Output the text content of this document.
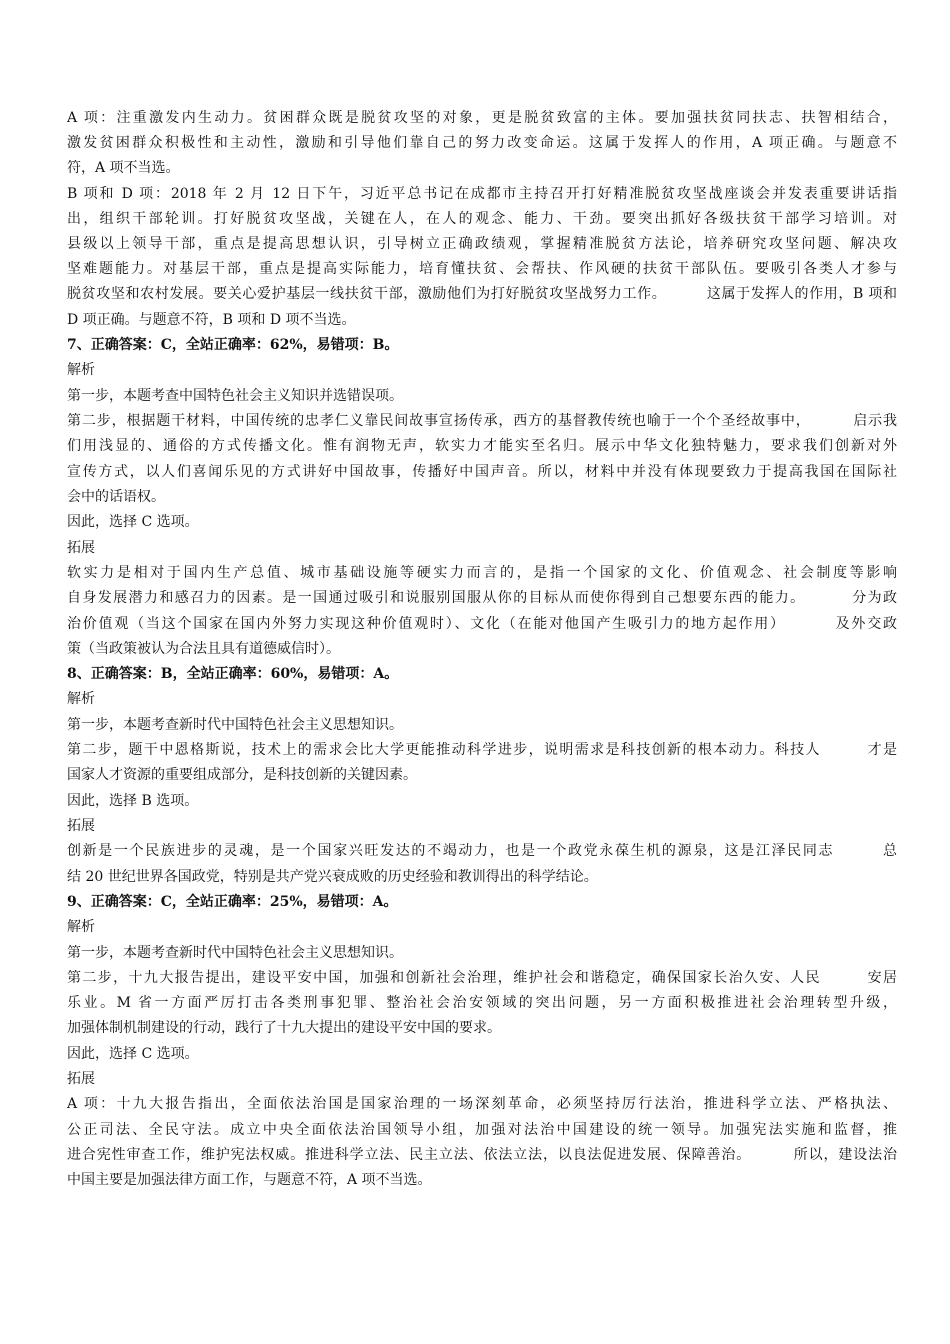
A 项：注重激发内生动力。贫困群众既是脱贫攻坚的对象，更是脱贫致富的主体。要加强扶贫同扶志、扶智相结合，
激发贫困群众积极性和主动性，激励和引导他们靠自己的努力改变命运。这属于发挥人的作用，A 项正确。与题意不
符，A 项不当选。
B 项和 D 项：2018 年 2 月 12 日下午，习近平总书记在成都市主持召开打好精准脱贫攻坚战座谈会并发表重要讲话指
出，组织干部轮训。打好脱贫攻坚战，关键在人，在人的观念、能力、干劲。要突出抓好各级扶贫干部学习培训。对
县级以上领导干部，重点是提高思想认识，引导树立正确政绩观，掌握精准脱贫方法论，培养研究攻坚问题、解决攻
坚难题能力。对基层干部，重点是提高实际能力，培育懂扶贫、会帮扶、作风硬的扶贫干部队伍。要吸引各类人才参与
脱贫攻坚和农村发展。要关心爱护基层一线扶贫干部，激励他们为打好脱贫攻坚战努力工作。        这属于发挥人的作用，B 项和
D 项正确。与题意不符，B 项和 D 项不当选。
7、正确答案：C，全站正确率：62%，易错项：B。
解析
第一步，本题考查中国特色社会主义知识并选错误项。
第二步，根据题干材料，中国传统的忠孝仁义靠民间故事宣扬传承，西方的基督教传统也喻于一个个圣经故事中，        启示我
们用浅显的、通俗的方式传播文化。惟有润物无声，软实力才能实至名归。展示中华文化独特魅力，要求我们创新对外
宣传方式，以人们喜闻乐见的方式讲好中国故事，传播好中国声音。所以，材料中并没有体现要致力于提高我国在国际社
会中的话语权。
因此，选择 C 选项。
拓展
软实力是相对于国内生产总值、城市基础设施等硬实力而言的，是指一个国家的文化、价值观念、社会制度等影响
自身发展潜力和感召力的因素。是一国通过吸引和说服别国服从你的目标从而使你得到自己想要东西的能力。        分为政
治价值观（当这个国家在国内外努力实现这种价值观时）、文化（在能对他国产生吸引力的地方起作用）        及外交政
策（当政策被认为合法且具有道德威信时）。
8、正确答案：B，全站正确率：60%，易错项：A。
解析
第一步，本题考查新时代中国特色社会主义思想知识。
第二步，题干中恩格斯说，技术上的需求会比大学更能推动科学进步，说明需求是科技创新的根本动力。科技人        才是
国家人才资源的重要组成部分，是科技创新的关键因素。
因此，选择 B 选项。
拓展
创新是一个民族进步的灵魂，是一个国家兴旺发达的不竭动力，也是一个政党永葆生机的源泉，这是江泽民同志        总
结 20 世纪世界各国政党，特别是共产党兴衰成败的历史经验和教训得出的科学结论。
9、正确答案：C，全站正确率：25%，易错项：A。
解析
第一步，本题考查新时代中国特色社会主义思想知识。
第二步，十九大报告提出，建设平安中国，加强和创新社会治理，维护社会和谐稳定，确保国家长治久安、人民        安居
乐业。M 省一方面严厉打击各类刑事犯罪、整治社会治安领域的突出问题，另一方面积极推进社会治理转型升级，
加强体制机制建设的行动，践行了十九大提出的建设平安中国的要求。
因此，选择 C 选项。
拓展
A 项：十九大报告指出，全面依法治国是国家治理的一场深刻革命，必须坚持厉行法治，推进科学立法、严格执法、
公正司法、全民守法。成立中央全面依法治国领导小组，加强对法治中国建设的统一领导。加强宪法实施和监督，推
进合宪性审查工作，维护宪法权威。推进科学立法、民主立法、依法立法，以良法促进发展、保障善治。        所以，建设法治
中国主要是加强法律方面工作，与题意不符，A 项不当选。
